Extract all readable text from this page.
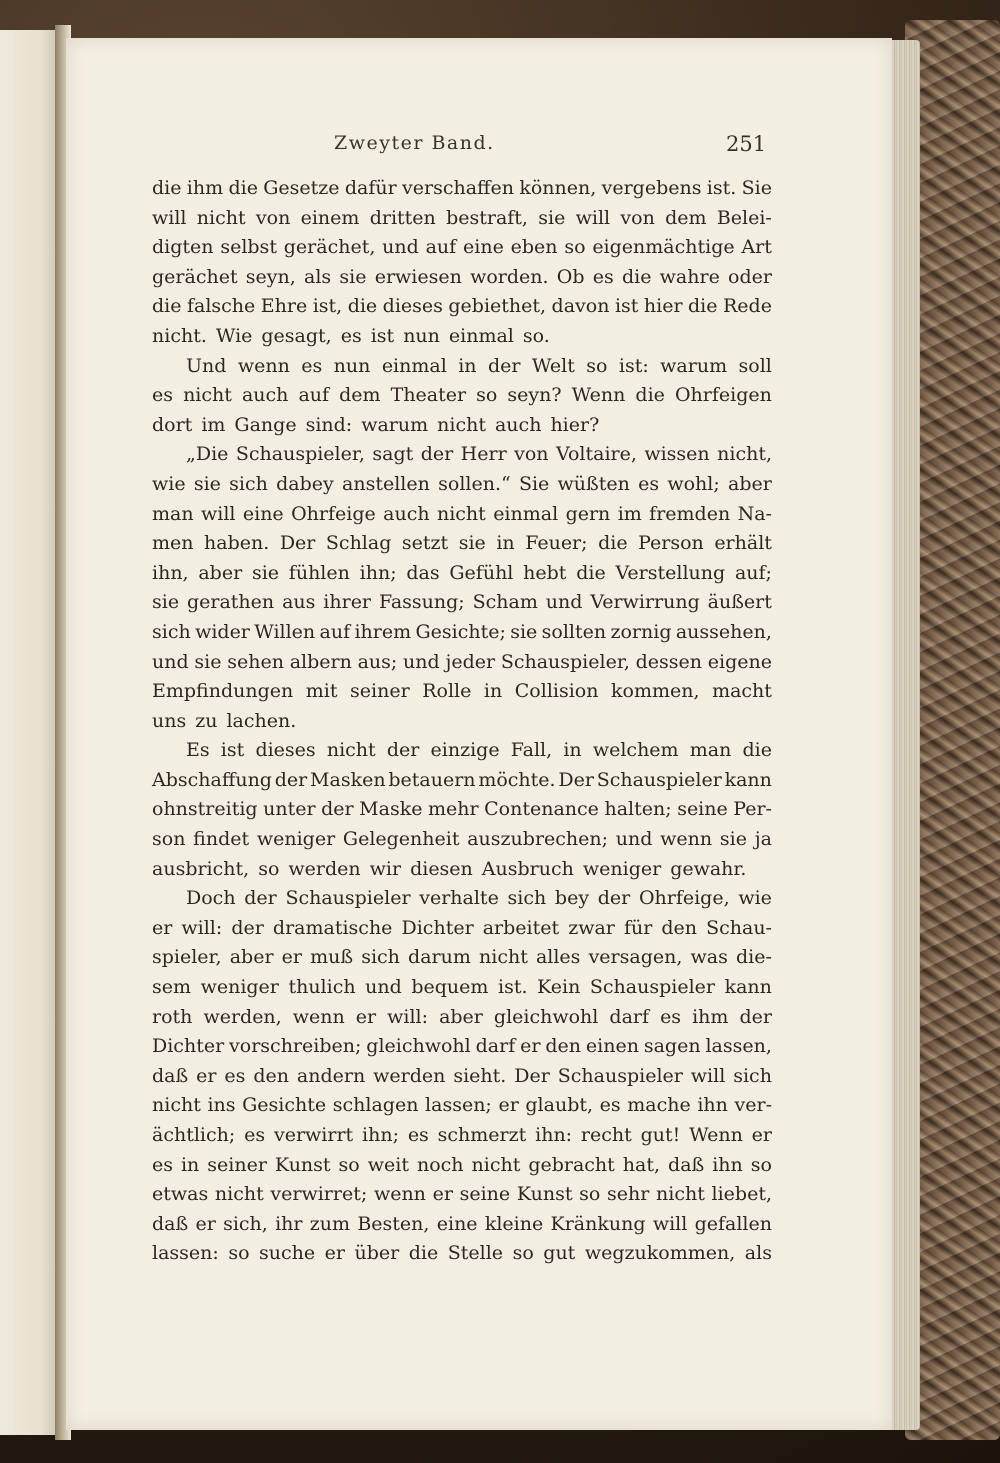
Zweyter Band.	251
die ihm die Gesetze dafür verschaffen können, vergebens ist. Sie
will nicht von einem dritten bestraft, sie will von dem Belei-
digten selbst gerächet, und auf eine eben so eigenmächtige Art
gerächet seyn, als sie erwiesen worden. Ob es die wahre oder
die falsche Ehre ist, die dieses gebiethet, davon ist hier die Rede
nicht. Wie gesagt, es ist nun einmal so.
Und wenn es nun einmal in der Welt so ist: warum soll
es nicht auch auf dem Theater so seyn? Wenn die Ohrfeigen
dort im Gange sind: warum nicht auch hier?
„Die Schauspieler, sagt der Herr von Voltaire, wissen nicht,
wie sie sich dabey anstellen sollen.“ Sie wüßten es wohl; aber
man will eine Ohrfeige auch nicht einmal gern im fremden Na-
men haben. Der Schlag setzt sie in Feuer; die Person erhält
ihn, aber sie fühlen ihn; das Gefühl hebt die Verstellung auf;
sie gerathen aus ihrer Fassung; Scham und Verwirrung äußert
sich wider Willen auf ihrem Gesichte; sie sollten zornig aussehen,
und sie sehen albern aus; und jeder Schauspieler, dessen eigene
Empfindungen mit seiner Rolle in Collision kommen, macht
uns zu lachen.
Es ist dieses nicht der einzige Fall, in welchem man die
Abschaffung der Masken betauern möchte. Der Schauspieler kann
ohnstreitig unter der Maske mehr Contenance halten; seine Per-
son findet weniger Gelegenheit auszubrechen; und wenn sie ja
ausbricht, so werden wir diesen Ausbruch weniger gewahr.
Doch der Schauspieler verhalte sich bey der Ohrfeige, wie
er will: der dramatische Dichter arbeitet zwar für den Schau-
spieler, aber er muß sich darum nicht alles versagen, was die-
sem weniger thulich und bequem ist. Kein Schauspieler kann
roth werden, wenn er will: aber gleichwohl darf es ihm der
Dichter vorschreiben; gleichwohl darf er den einen sagen lassen,
daß er es den andern werden sieht. Der Schauspieler will sich
nicht ins Gesichte schlagen lassen; er glaubt, es mache ihn ver-
ächtlich; es verwirrt ihn; es schmerzt ihn: recht gut! Wenn er
es in seiner Kunst so weit noch nicht gebracht hat, daß ihn so
etwas nicht verwirret; wenn er seine Kunst so sehr nicht liebet,
daß er sich, ihr zum Besten, eine kleine Kränkung will gefallen
lassen: so suche er über die Stelle so gut wegzukommen, als
